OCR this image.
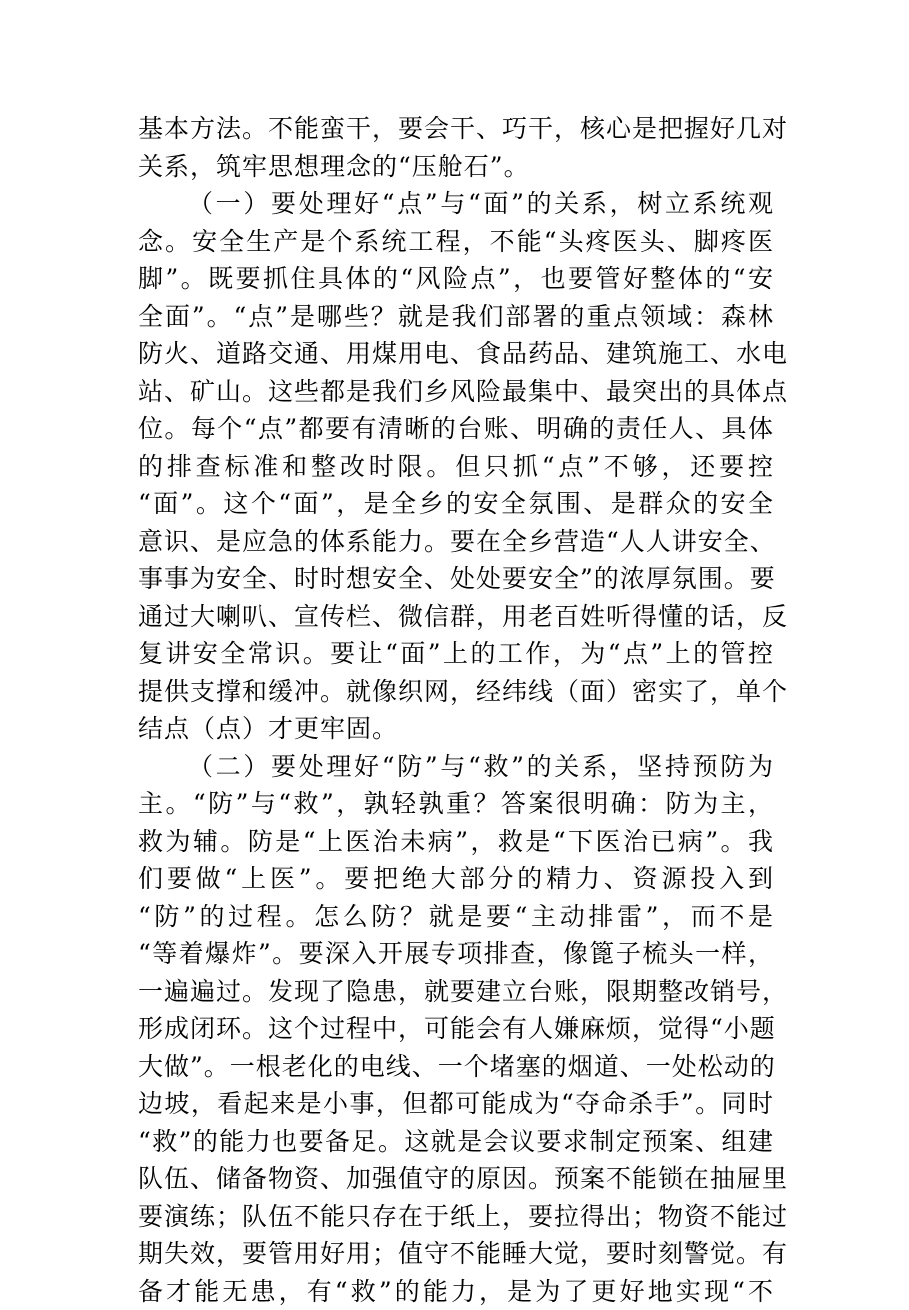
基本方法。不能蛮干，要会干、巧干，核心是把握好几对
关系，筑牢思想理念的“压舱石”。
（一）要处理好“点”与“面”的关系，树立系统观
念。安全生产是个系统工程，不能“头疼医头、脚疼医
脚”。既要抓住具体的“风险点”，也要管好整体的“安
全面”。“点”是哪些？就是我们部署的重点领域：森林
防火、道路交通、用煤用电、食品药品、建筑施工、水电
站、矿山。这些都是我们乡风险最集中、最突出的具体点
位。每个“点”都要有清晰的台账、明确的责任人、具体
的排查标准和整改时限。但只抓“点”不够，还要控
“面”。这个“面”，是全乡的安全氛围、是群众的安全
意识、是应急的体系能力。要在全乡营造“人人讲安全、
事事为安全、时时想安全、处处要安全”的浓厚氛围。要
通过大喇叭、宣传栏、微信群，用老百姓听得懂的话，反
复讲安全常识。要让“面”上的工作，为“点”上的管控
提供支撑和缓冲。就像织网，经纬线（面）密实了，单个
结点（点）才更牢固。
（二）要处理好“防”与“救”的关系，坚持预防为
主。“防”与“救”，孰轻孰重？答案很明确：防为主，
救为辅。防是“上医治未病”，救是“下医治已病”。我
们要做“上医”。要把绝大部分的精力、资源投入到
“防”的过程。怎么防？就是要“主动排雷”，而不是
“等着爆炸”。要深入开展专项排查，像篦子梳头一样，
一遍遍过。发现了隐患，就要建立台账，限期整改销号，
形成闭环。这个过程中，可能会有人嫌麻烦，觉得“小题
大做”。一根老化的电线、一个堵塞的烟道、一处松动的
边坡，看起来是小事，但都可能成为“夺命杀手”。同时
“救”的能力也要备足。这就是会议要求制定预案、组建
队伍、储备物资、加强值守的原因。预案不能锁在抽屉里
要演练；队伍不能只存在于纸上，要拉得出；物资不能过
期失效，要管用好用；值守不能睡大觉，要时刻警觉。有
备才能无患，有“救”的能力，是为了更好地实现“不
